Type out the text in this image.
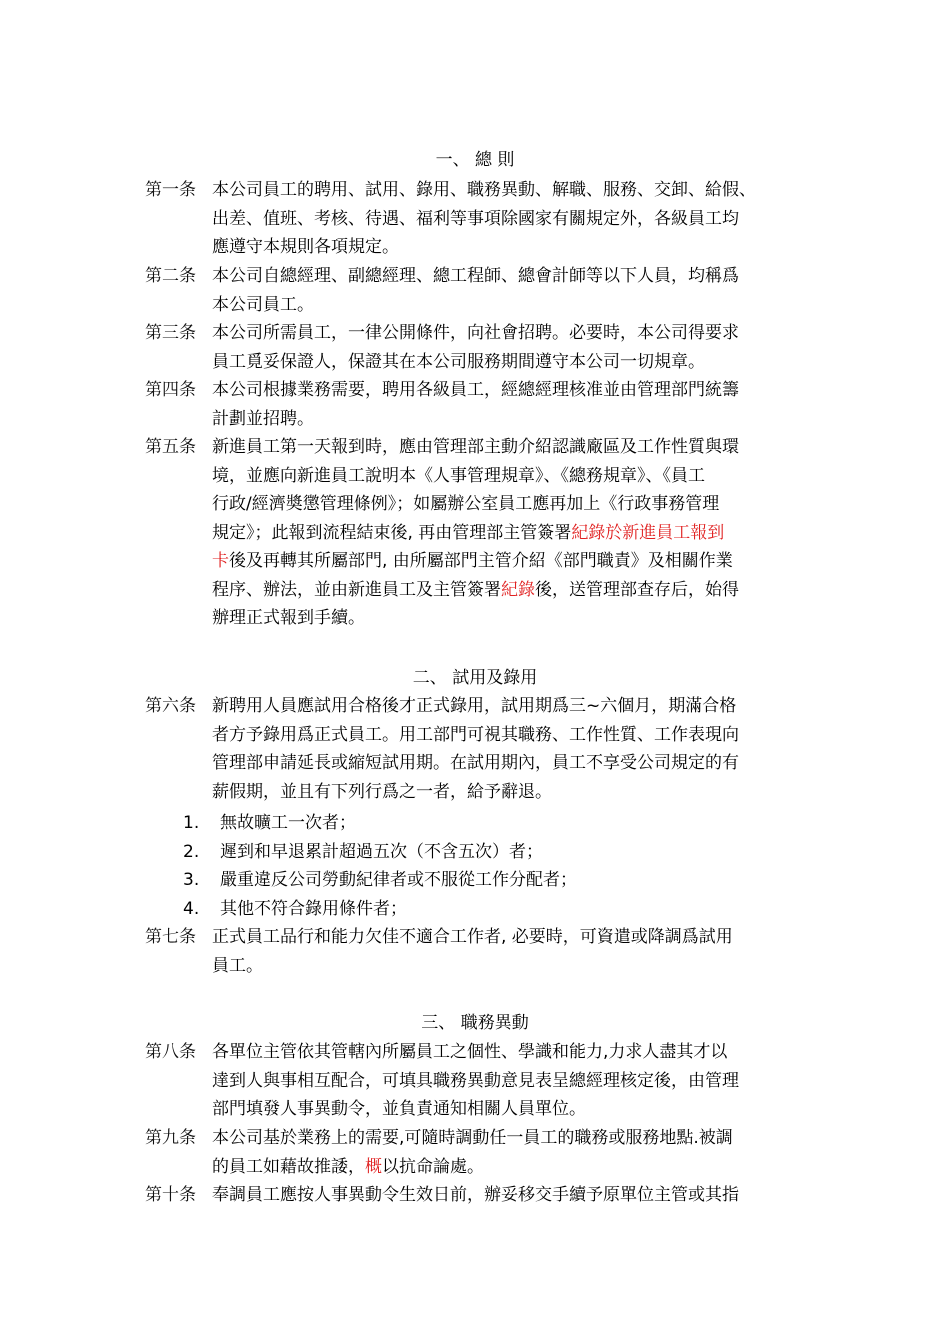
一、 總 則
第一条 本公司員工的聘用、試用、錄用、職務異動、解職、服務、交卸、給假、
出差、值班、考核、待遇、福利等事項除國家有關規定外，各級員工均
應遵守本規則各項規定。
第二条 本公司自總經理、副總經理、總工程師、總會計師等以下人員，均稱爲
本公司員工。
第三条 本公司所需員工，一律公開條件，向社會招聘。必要時，本公司得要求
員工覓妥保證人，保證其在本公司服務期間遵守本公司一切規章。
第四条 本公司根據業務需要，聘用各級員工，經總經理核准並由管理部門統籌
計劃並招聘。
第五条 新進員工第一天報到時，應由管理部主動介紹認識廠區及工作性質與環
境，並應向新進員工說明本《人事管理規章》、《總務規章》、《員工
行政/經濟奬懲管理條例》；如屬辦公室員工應再加上《行政事務管理
規定》；此報到流程結束後, 再由管理部主管簽署紀錄於新進員工報到
卡後及再轉其所屬部門, 由所屬部門主管介紹《部門職責》及相關作業
程序、辦法，並由新進員工及主管簽署紀錄後，送管理部查存后，始得
辦理正式報到手續。
二、 試用及錄用
第六条 新聘用人員應試用合格後才正式錄用，試用期爲三~六個月，期滿合格
者方予錄用爲正式員工。用工部門可視其職務、工作性質、工作表現向
管理部申請延長或縮短試用期。在試用期內，員工不享受公司規定的有
薪假期，並且有下列行爲之一者，給予辭退。
1. 無故曠工一次者；
2. 遲到和早退累計超過五次（不含五次）者；
3. 嚴重違反公司勞動紀律者或不服從工作分配者；
4. 其他不符合錄用條件者；
第七条 正式員工品行和能力欠佳不適合工作者, 必要時，可資遣或降調爲試用
員工。
三、 職務異動
第八条 各單位主管依其管轄內所屬員工之個性、學識和能力,力求人盡其才以
達到人與事相互配合，可填具職務異動意見表呈總經理核定後，由管理
部門填發人事異動令，並負責通知相關人員單位。
第九条 本公司基於業務上的需要,可隨時調動任一員工的職務或服務地點.被調
的員工如藉故推諉，概以抗命論處。
第十条 奉調員工應按人事異動令生效日前，辦妥移交手續予原單位主管或其指
